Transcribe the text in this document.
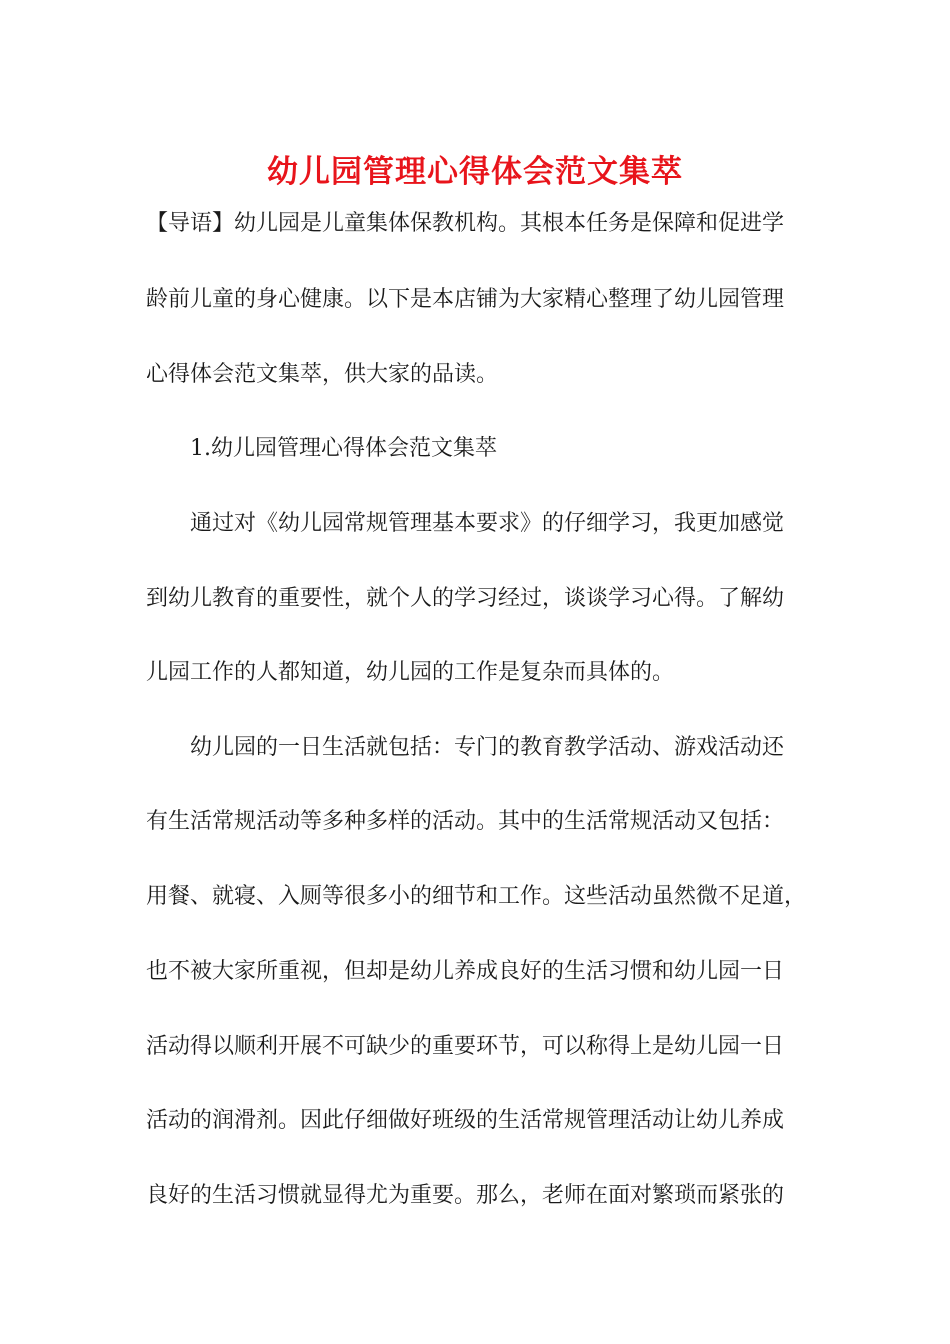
幼儿园管理心得体会范文集萃
【导语】幼儿园是儿童集体保教机构。其根本任务是保障和促进学
龄前儿童的身心健康。以下是本店铺为大家精心整理了幼儿园管理
心得体会范文集萃，供大家的品读。
1.幼儿园管理心得体会范文集萃
通过对《幼儿园常规管理基本要求》的仔细学习，我更加感觉
到幼儿教育的重要性，就个人的学习经过，谈谈学习心得。了解幼
儿园工作的人都知道，幼儿园的工作是复杂而具体的。
幼儿园的一日生活就包括：专门的教育教学活动、游戏活动还
有生活常规活动等多种多样的活动。其中的生活常规活动又包括：
用餐、就寝、入厕等很多小的细节和工作。这些活动虽然微不足道，
也不被大家所重视，但却是幼儿养成良好的生活习惯和幼儿园一日
活动得以顺利开展不可缺少的重要环节，可以称得上是幼儿园一日
活动的润滑剂。因此仔细做好班级的生活常规管理活动让幼儿养成
良好的生活习惯就显得尤为重要。那么，老师在面对繁琐而紧张的
